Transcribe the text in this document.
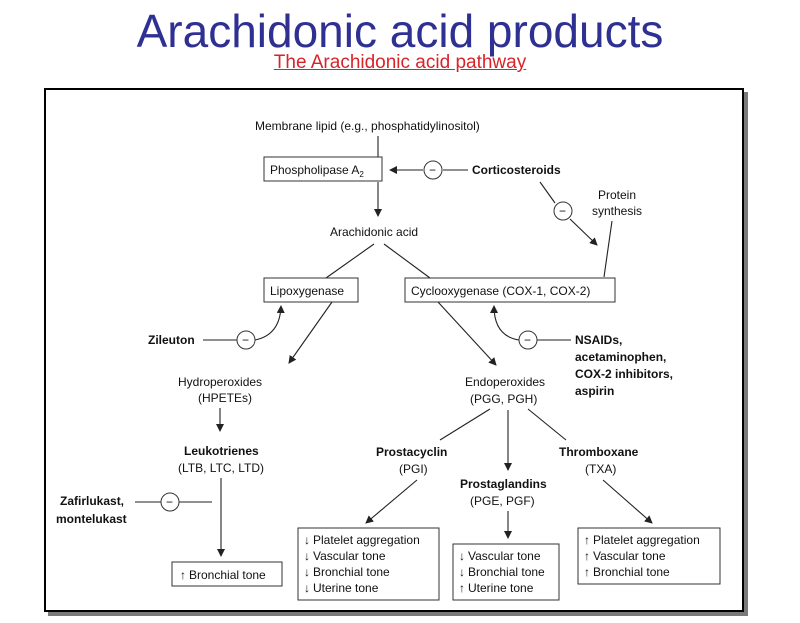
Arachidonic acid products
The Arachidonic acid pathway
Membrane lipid (e.g., phosphatidylinositol)
Phospholipase $A_2$	Corticosteroids
−
−
Protein
synthesis
Arachidonic acid
Lipoxygenase	Cyclooxygenase (COX-1, COX-2)
Zileuton	−	NSAIDs,
acetaminophen,
COX-2 inhibitors,
aspirin
−
Hydroperoxides
(HPETEs)
Leukotrienes
(LTB, LTC, LTD)
Zafirlukast,
montelukast
−
↑ Bronchial tone
Endoperoxides
(PGG, PGH)
Prostacyclin
(PGI)
Thromboxane
(TXA)
Prostaglandins
(PGE, PGF)
↓ Platelet aggregation
↓ Vascular tone
↓ Bronchial tone
↓ Uterine tone
↓ Vascular tone
↓ Bronchial tone
↑ Uterine tone
↑ Platelet aggregation
↑ Vascular tone
↑ Bronchial tone
